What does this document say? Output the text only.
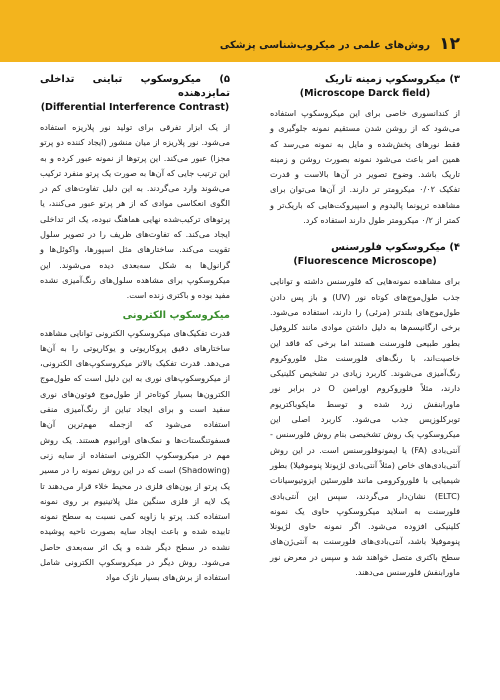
روش‌های علمی در میکروب‌شناسی پزشکی ۱۲

۳) میکروسکوپ زمینه تاریک

(Microscope Darck field)

از کندانسوری خاصی برای این میکروسکوپ استفاده می‌شود که از روشن شدن مستقیم نمونه جلوگیری و فقط نورهای پخش‌شده و مایل به نمونه می‌رسد که همین امر باعث می‌شود نمونه بصورت روشن و زمینه تاریک باشد. وضوح تصویر در آن‌ها بالاست و قدرت تفکیک ۰/۰۲ میکرومتر تر دارند. از آن‌ها می‌توان برای مشاهده ترپونما پالیدوم و اسپیروکت‌هایی که باریک‌تر و کمتر از ۰/۲ میکرومتر طول دارند استفاده کرد.

۴) میکروسکوپ فلورسنس

(Fluorescence Microscope)

برای مشاهده نمونه‌هایی که فلورسنس داشته و توانایی جذب طول‌موج‌های کوتاه نور (UV) و باز پس دادن طول‌موج‌های بلندتر (مرئی) را دارند، استفاده می‌شود. برخی ارگانیسم‌ها به دلیل داشتن موادی مانند کلروفیل بطور طبیعی فلورسنت هستند اما برخی که فاقد این خاصیت‌اند، با رنگ‌های فلورسنت مثل فلوروکروم رنگ‌آمیزی می‌شوند. کاربرد زیادی در تشخیص کلینیکی دارند، مثلاً فلوروکروم اورامین O در برابر نور ماورابنفش زرد شده و توسط مایکوباکتریوم توبرکلوزیس جذب می‌شود. کاربرد اصلی این میکروسکوپ یک روش تشخیصی بنام روش فلورسنس - آنتی‌بادی (FA) یا ایمونوفلورسنس است. در این روش آنتی‌بادی‌های خاص (مثلاً آنتی‌بادی‌ لژیونلا پنوموفیلا) بطور شیمیایی با فلوروکرومی مانند فلورسئین ایزوتیوسیانات (ELTC) نشان‌دار می‌گردند، سپس این آنتی‌بادی فلورسنت به اسلاید میکروسکوپ حاوی یک نمونه کلینیکی افزوده می‌شود. اگر نمونه حاوی لژیونلا پنوموفیلا باشد، آنتی‌بادی‌های فلورسنت به آنتی‌ژن‌های سطح باکتری متصل خواهند شد و سپس در معرض نور ماورابنفش فلورسنس می‌دهند.

۵) میکروسکوپ تباینی تداخلی تمایزدهنده

(Differential Interference Contrast)

از یک ابزار تفرقی برای تولید نور پلاریزه استفاده می‌شود. نور پلاریزه از میان منشور (ایجاد کننده دو پرتو مجزا) عبور می‌کند. این پرتوها از نمونه عبور کرده و به این ترتیب جایی که آن‌ها به صورت یک پرتو منفرد ترکیب می‌شوند وارد می‌گردند. به این دلیل تفاوت‌های کم در الگوی انعکاسی موادی که از هر پرتو عبور می‌کنند، یا پرتوهای ترکیب‌شده نهایی هماهنگ نبوده، یک اثر تداخلی ایجاد می‌کند. که تفاوت‌های ظریف را در تصویر سلول تقویت می‌کند. ساختارهای مثل اسپورها، واکوئل‌ها و گرانول‌ها به شکل سه‌بعدی دیده می‌شوند. این میکروسکوپ برای مشاهده سلول‌های رنگ‌آمیزی نشده مفید بوده و باکتری زنده است.

میکروسکوپ الکترونی

قدرت تفکیک‌های میکروسکوپ الکترونی توانایی مشاهده ساختارهای دقیق پروکاریوتی و یوکاریوتی را به آن‌ها می‌دهد. قدرت تفکیک بالاتر میکروسکوپ‌های الکترونی، از میکروسکوپ‌های نوری به این دلیل است که طول‌موج الکترون‌ها بسیار کوتاه‌تر از طول‌موج فوتون‌های نوری سفید است و برای ایجاد تباین از رنگ‌آمیزی منفی استفاده می‌شود که ازجمله مهم‌ترین آن‌ها فسفوتنگستات‌ها و نمک‌های اورانیوم هستند. یک روش مهم در میکروسکوپ الکترونی استفاده از سایه زنی (Shadowing) است که در این روش نمونه را در مسیر یک پرتو از یون‌های فلزی در محیط خلاء قرار می‌دهند تا یک لایه از فلزی سنگین مثل پلاتینیوم بر روی نمونه استفاده کند. پرتو با زاویه کمی نسبت به سطح نمونه تابیده شده و باعث ایجاد سایه بصورت ناحیه پوشیده نشده در سطح دیگر شده و یک اثر سه‌بعدی حاصل می‌شود. روش دیگر در میکروسکوپ الکترونی شامل استفاده از برش‌های بسیار نازک مواد
